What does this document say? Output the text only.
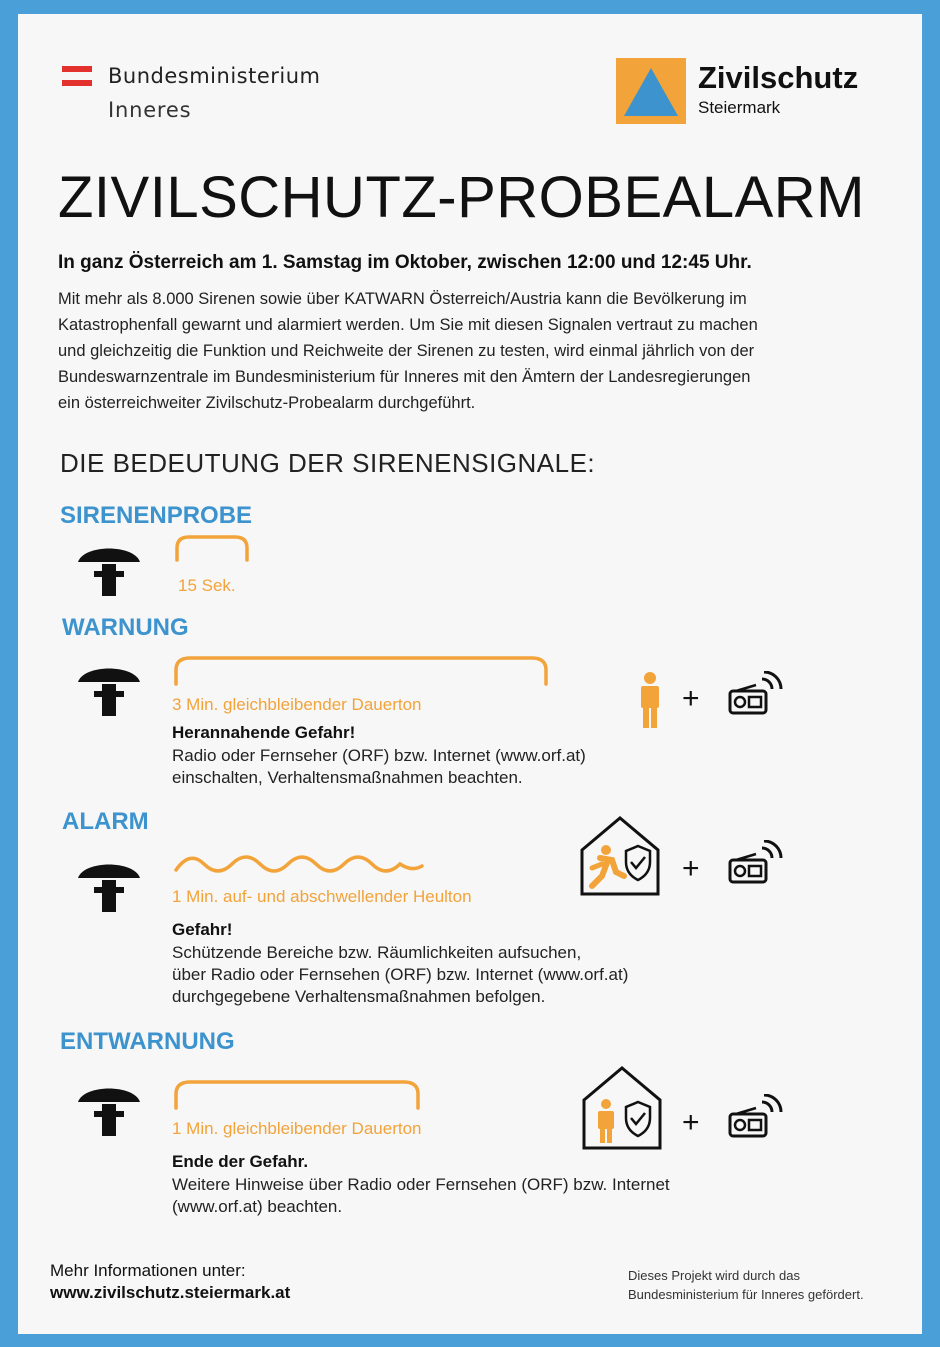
Bundesministerium
Inneres
Zivilschutz
Steiermark
ZIVILSCHUTZ-PROBEALARM
In ganz Österreich am 1. Samstag im Oktober, zwischen 12:00 und 12:45 Uhr.
Mit mehr als 8.000 Sirenen sowie über KATWARN Österreich/Austria kann die Bevölkerung im
Katastrophenfall gewarnt und alarmiert werden. Um Sie mit diesen Signalen vertraut zu machen
und gleichzeitig die Funktion und Reichweite der Sirenen zu testen, wird einmal jährlich von der
Bundeswarnzentrale im Bundesministerium für Inneres mit den Ämtern der Landesregierungen
ein österreichweiter Zivilschutz-Probealarm durchgeführt.
DIE BEDEUTUNG DER SIRENENSIGNALE:
SIRENENPROBE
15 Sek.
WARNUNG
3 Min. gleichbleibender Dauerton
Herannahende Gefahr!
Radio oder Fernseher (ORF) bzw. Internet (www.orf.at)
einschalten, Verhaltensmaßnahmen beachten.
+
ALARM
1 Min. auf- und abschwellender Heulton
Gefahr!
Schützende Bereiche bzw. Räumlichkeiten aufsuchen,
über Radio oder Fernsehen (ORF) bzw. Internet (www.orf.at)
durchgegebene Verhaltensmaßnahmen befolgen.
+
ENTWARNUNG
1 Min. gleichbleibender Dauerton
Ende der Gefahr.
Weitere Hinweise über Radio oder Fernsehen (ORF) bzw. Internet
(www.orf.at) beachten.
+
Mehr Informationen unter:
www.zivilschutz.steiermark.at
Dieses Projekt wird durch das
Bundesministerium für Inneres gefördert.
